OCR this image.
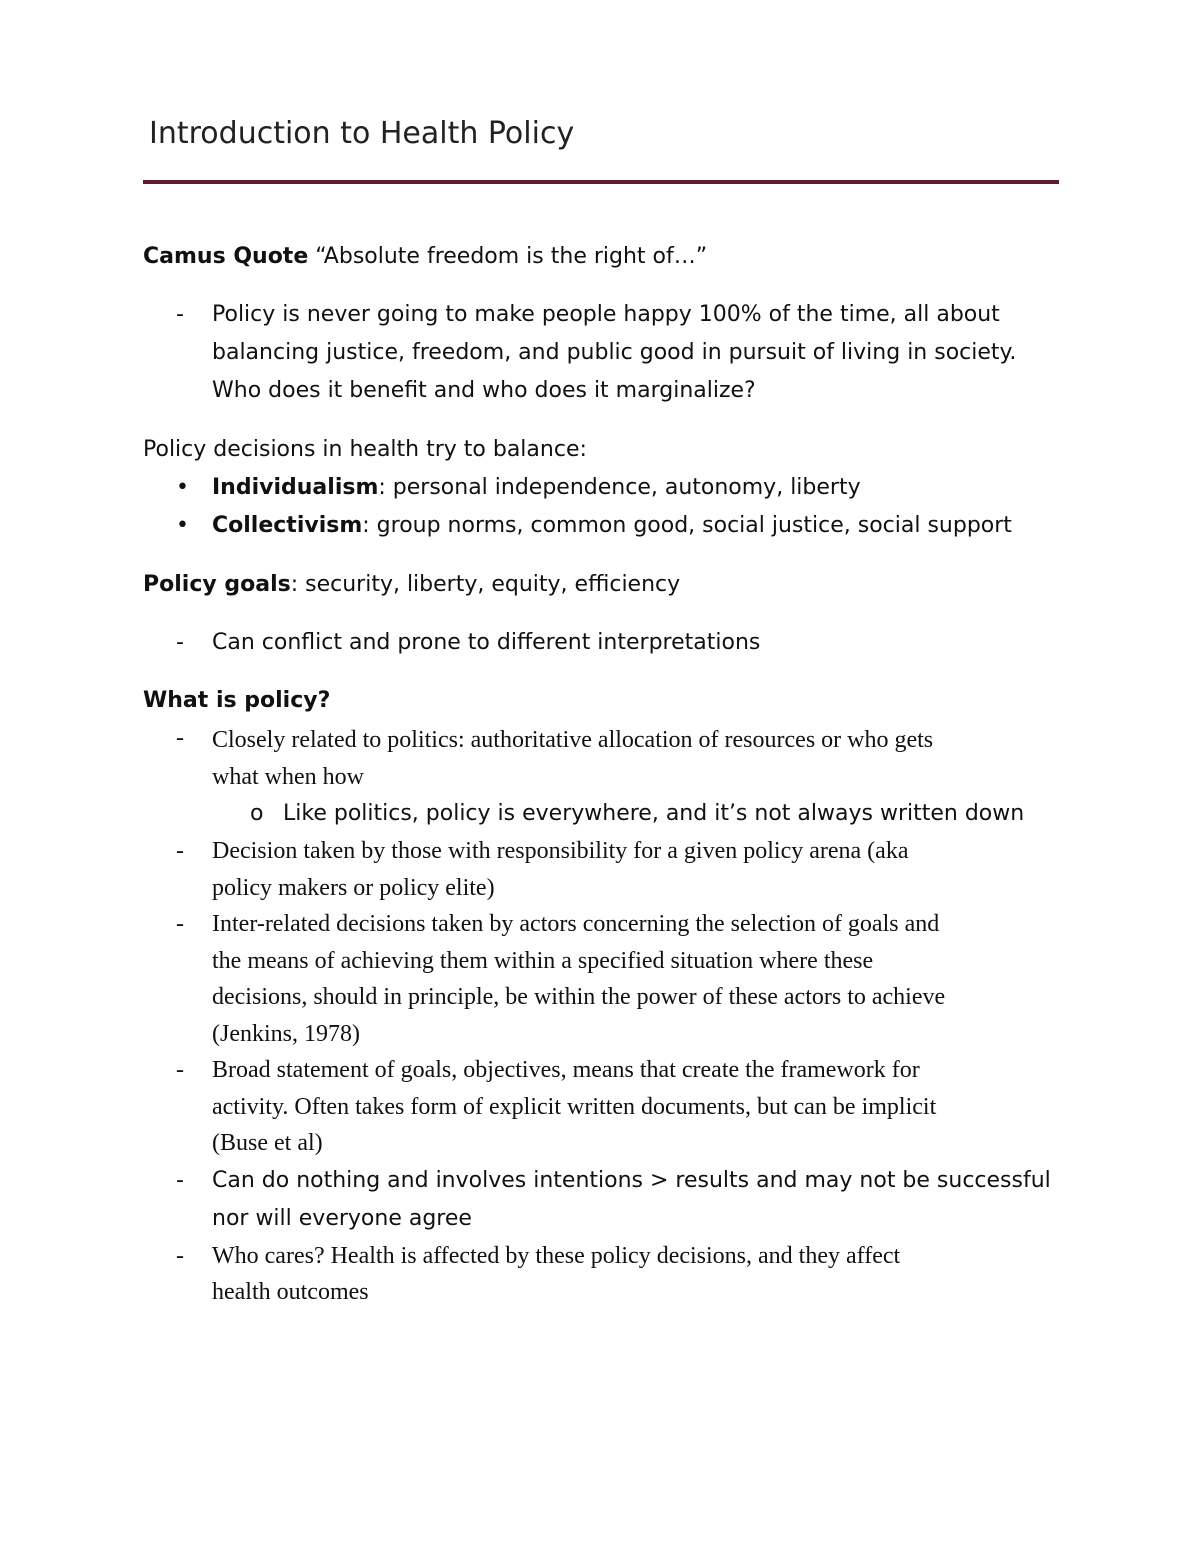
Introduction to Health Policy

Camus Quote “Absolute freedom is the right of…”

- Policy is never going to make people happy 100% of the time, all about
balancing justice, freedom, and public good in pursuit of living in society.
Who does it benefit and who does it marginalize?

Policy decisions in health try to balance:

• Individualism: personal independence, autonomy, liberty
• Collectivism: group norms, common good, social justice, social support

Policy goals: security, liberty, equity, efficiency

- Can conflict and prone to different interpretations

What is policy?

- Closely related to politics: authoritative allocation of resources or who gets
what when how
o Like politics, policy is everywhere, and it’s not always written down
- Decision taken by those with responsibility for a given policy arena (aka
policy makers or policy elite)
- Inter-related decisions taken by actors concerning the selection of goals and
the means of achieving them within a specified situation where these
decisions, should in principle, be within the power of these actors to achieve
(Jenkins, 1978)
- Broad statement of goals, objectives, means that create the framework for
activity. Often takes form of explicit written documents, but can be implicit
(Buse et al)
- Can do nothing and involves intentions > results and may not be successful
nor will everyone agree
- Who cares? Health is affected by these policy decisions, and they affect
health outcomes
